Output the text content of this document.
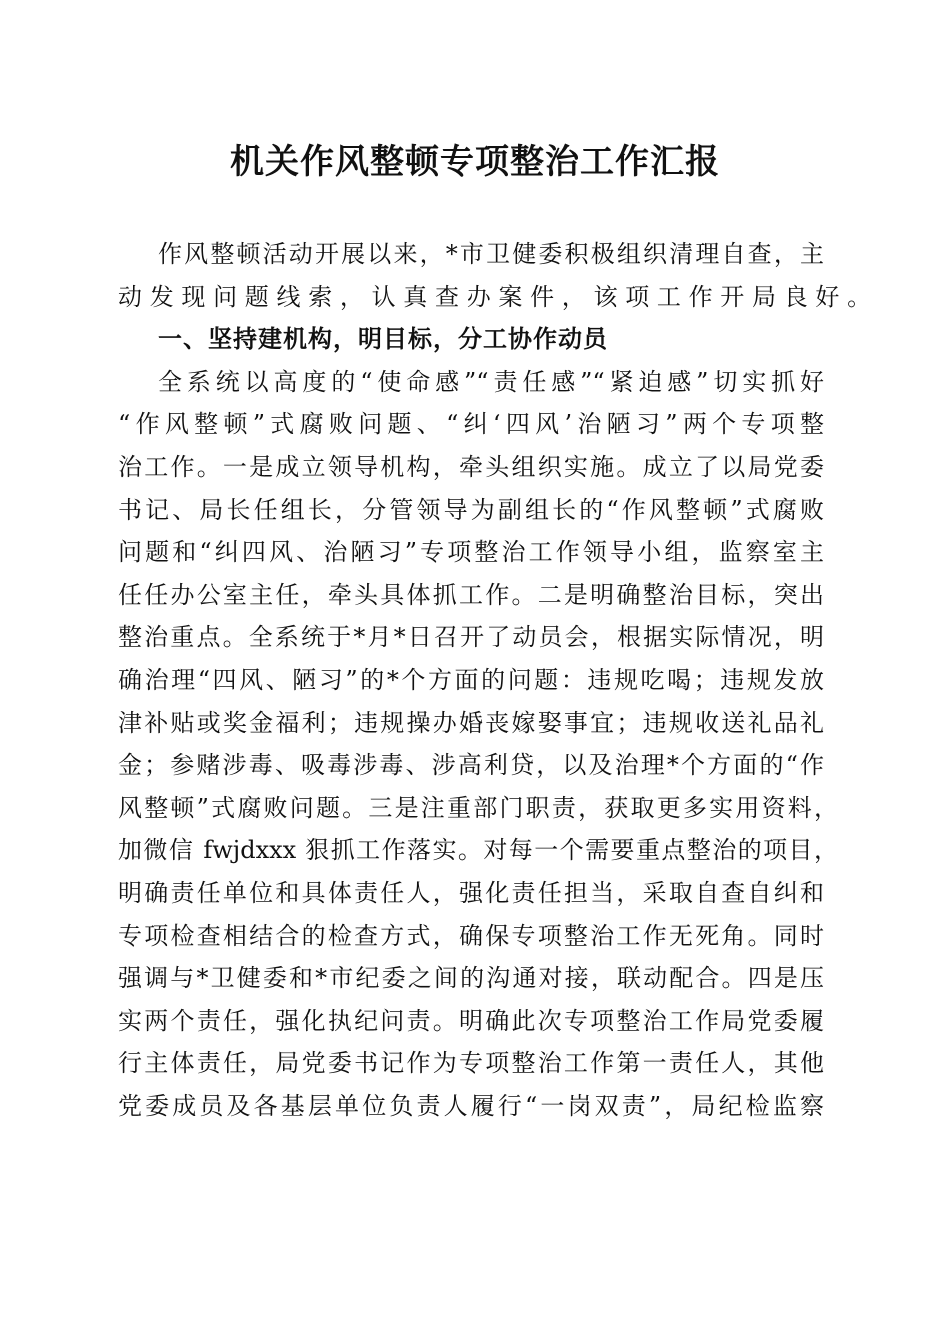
机关作风整顿专项整治工作汇报
作风整顿活动开展以来，*市卫健委积极组织清理自查，主
动发现问题线索，认真查办案件，该项工作开局良好。
一、坚持建机构，明目标，分工协作动员
全系统以高度的“使命感”“责任感”“紧迫感”切实抓好
“作风整顿”式腐败问题、“纠‘四风’治陋习”两个专项整
治工作。一是成立领导机构，牵头组织实施。成立了以局党委
书记、局长任组长，分管领导为副组长的“作风整顿”式腐败
问题和“纠四风、治陋习”专项整治工作领导小组，监察室主
任任办公室主任，牵头具体抓工作。二是明确整治目标，突出
整治重点。全系统于*月*日召开了动员会，根据实际情况，明
确治理“四风、陋习”的*个方面的问题：违规吃喝；违规发放
津补贴或奖金福利；违规操办婚丧嫁娶事宜；违规收送礼品礼
金；参赌涉毒、吸毒涉毒、涉高利贷，以及治理*个方面的“作
风整顿”式腐败问题。三是注重部门职责，获取更多实用资料，
加微信 fwjdxxx 狠抓工作落实。对每一个需要重点整治的项目，
明确责任单位和具体责任人，强化责任担当，采取自查自纠和
专项检查相结合的检查方式，确保专项整治工作无死角。同时
强调与*卫健委和*市纪委之间的沟通对接，联动配合。四是压
实两个责任，强化执纪问责。明确此次专项整治工作局党委履
行主体责任，局党委书记作为专项整治工作第一责任人，其他
党委成员及各基层单位负责人履行“一岗双责”，局纪检监察
